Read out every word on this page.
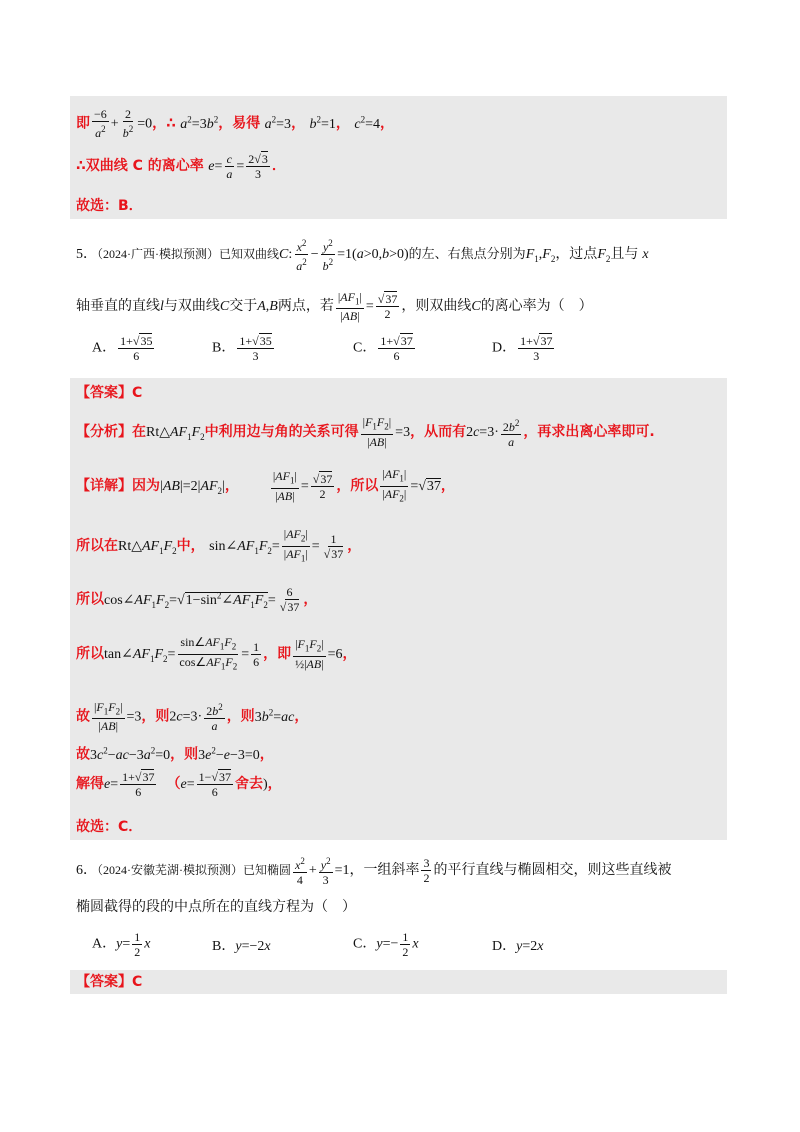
即 $\frac{-6}{a^2} + \frac{2}{b^2} =0$，∴ $a^2=3b^2$，易得 $a^2=3$， $b^2=1$， $c^2=4$，
∴双曲线 C 的离心率 $e= \frac{c}{a} = \frac{2√3}{3}$ ．
故选：B．
5．（2024·广西·模拟预测）已知双曲线C: $\frac{x^2}{a^2} - \frac{y^2}{b^2} =1(a>0,b>0)$的左、右焦点分别为$F_1,F_2$，过点$F_2$且与 x
轴垂直的直线l与双曲线C交于A,B两点，若 $\frac{|AF_1|}{|AB|} = \frac{√37}{2}$ ，则双曲线C的离心率为（　）
A． $\frac{1+√35}{6}$	B． $\frac{1+√35}{3}$	C． $\frac{1+√37}{6}$	D． $\frac{1+√37}{3}$
【答案】C
【分析】在$Rt\triangle AF_1F_2$中利用边与角的关系可得 $\frac{|F_1F_2|}{|AB|} =3$，从而有$2c=3\cdot \frac{2b^2}{a}$ ，再求出离心率即可.
【详解】因为$|AB|=2|AF_2|$，	$\frac{|AF_1|}{|AB|} = \frac{√37}{2}$ ，所以 $\frac{|AF_1|}{|AF_2|} =√37$，
所以在$Rt\triangle AF_1F_2$中， $\sin\angle AF_1F_2= \frac{|AF_2|}{|AF_1|} = \frac{1}{√37}$ ，
所以$\cos\angle AF_1F_2=√1-\sin^2\angle AF_1F_2= \frac{6}{√37}$ ，
所以$\tan\angle AF_1F_2= \frac{\sin\angle AF_1F_2}{\cos\angle AF_1F_2} = \frac{1}{6}$ ，即 $\frac{|F_1F_2|}{\text{½|AB|}} =6$，
故 $\frac{|F_1F_2|}{|AB|} =3$，则$2c=3\cdot \frac{2b^2}{a}$ ，则$3b^2=ac$，
故$3c^2-ac-3a^2=0$，则$3e^2-e-3=0$，
解得$e= \frac{1+√37}{6} (e= \frac{1-√37}{6}$ 舍去)，
故选：C．
6．（2024·安徽芜湖·模拟预测）已知椭圆 $\frac{x^2}{4} + \frac{y^2}{3} =1$，一组斜率 $\frac{3}{2}$ 的平行直线与椭圆相交，则这些直线被
椭圆截得的段的中点所在的直线方程为（　）
A．$y= \frac{1}{2}$ x	B．y=−2x	C．$y=- \frac{1}{2}$ x	D．y=2x
【答案】C
